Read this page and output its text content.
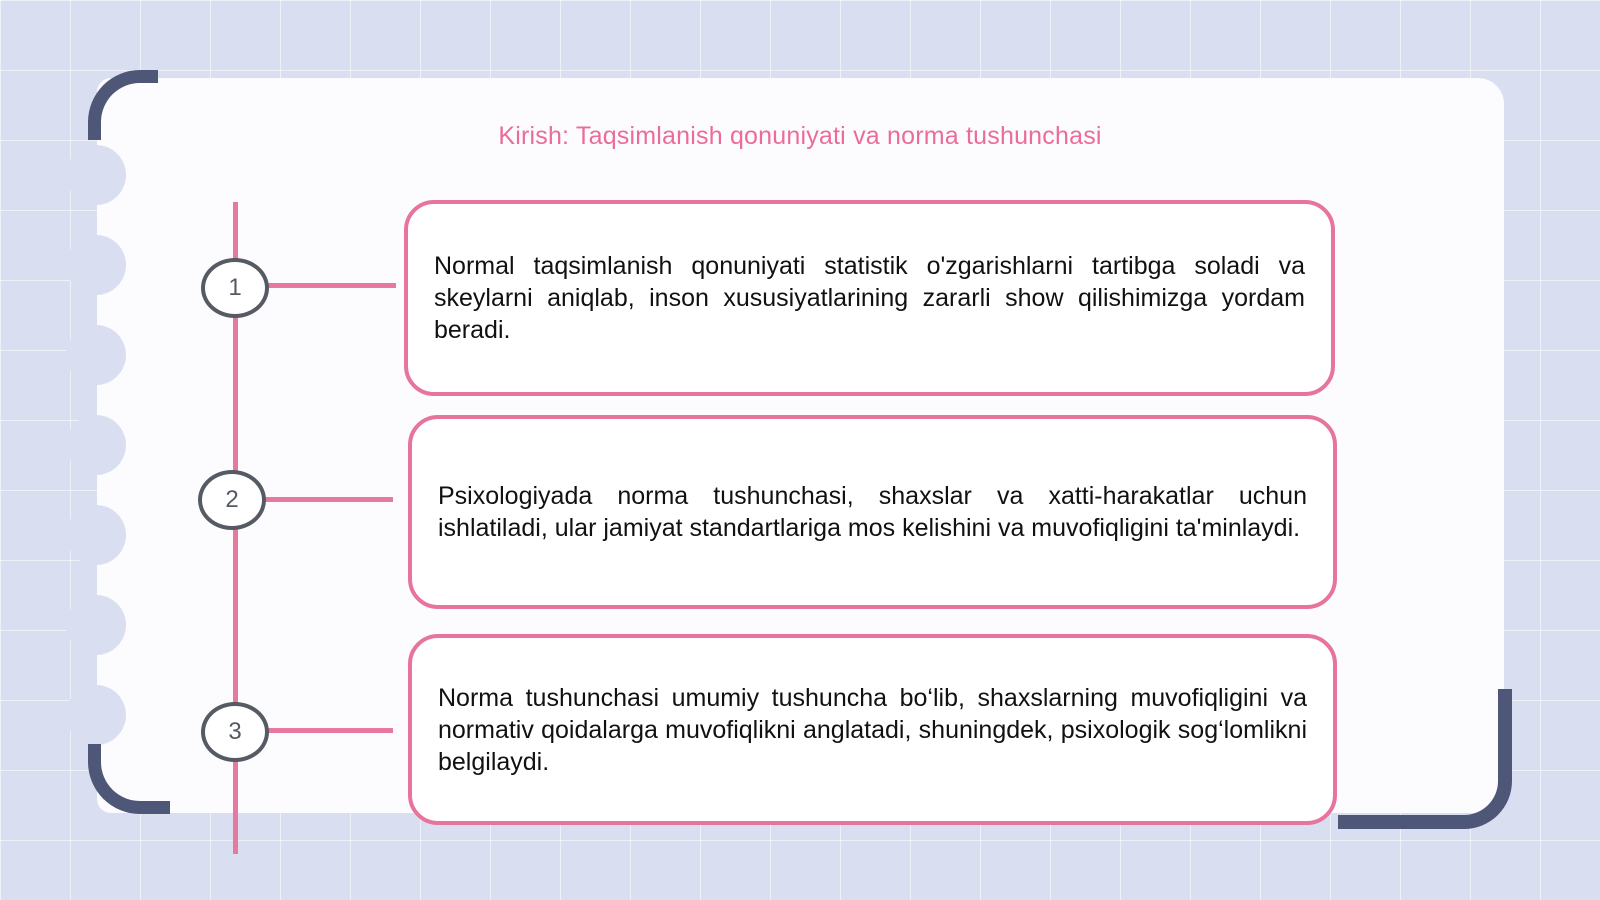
Kirish: Taqsimlanish qonuniyati va norma tushunchasi
1

Normal taqsimlanish qonuniyati statistik o'zgarishlarni tartibga soladi va skeylarni aniqlab, inson xususiyatlarining zararli show qilishimizga yordam beradi.

2	Psixologiyada norma tushunchasi, shaxslar va xatti-harakatlar uchun ishlatiladi, ular jamiyat standartlariga mos kelishini va muvofiqligini ta'minlaydi.

3

Norma tushunchasi umumiy tushuncha bo‘lib, shaxslarning muvofiqligini va normativ qoidalarga muvofiqlikni anglatadi, shuningdek, psixologik sog‘lomlikni belgilaydi.
